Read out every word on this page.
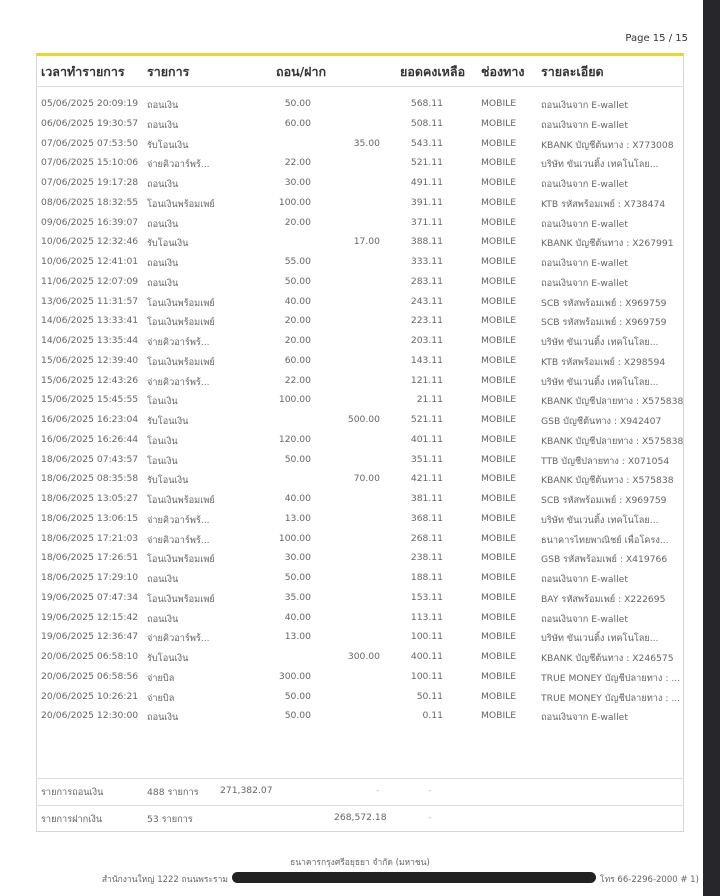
Page 15 / 15
เวลาทำรายการ รายการ	ถอน/ฝาก	ยอดคงเหลือ ช่องทาง รายละเอียด
05/06/2025 20:09:19 ถอนเงิน	50.00	568.11	MOBILE	ถอนเงินจาก E-wallet
06/06/2025 19:30:57 ถอนเงิน	60.00	508.11	MOBILE	ถอนเงินจาก E-wallet
07/06/2025 07:53:50 รับโอนเงิน	35.00	543.11	MOBILE	KBANK บัญชีต้นทาง : X773008
07/06/2025 15:10:06 จ่ายคิวอาร์พร้...	22.00	521.11	MOBILE	บริษัท ขันเวนติ้ง เทคโนโลย...
07/06/2025 19:17:28 ถอนเงิน	30.00	491.11	MOBILE	ถอนเงินจาก E-wallet
08/06/2025 18:32:55 โอนเงินพร้อมเพย์	100.00	391.11	MOBILE	KTB รหัสพร้อมเพย์ : X738474
09/06/2025 16:39:07 ถอนเงิน	20.00	371.11	MOBILE	ถอนเงินจาก E-wallet
10/06/2025 12:32:46 รับโอนเงิน	17.00	388.11	MOBILE	KBANK บัญชีต้นทาง : X267991
10/06/2025 12:41:01 ถอนเงิน	55.00	333.11	MOBILE	ถอนเงินจาก E-wallet
11/06/2025 12:07:09 ถอนเงิน	50.00	283.11	MOBILE	ถอนเงินจาก E-wallet
13/06/2025 11:31:57 โอนเงินพร้อมเพย์	40.00	243.11	MOBILE	SCB รหัสพร้อมเพย์ : X969759
14/06/2025 13:33:41 โอนเงินพร้อมเพย์	20.00	223.11	MOBILE	SCB รหัสพร้อมเพย์ : X969759
14/06/2025 13:35:44 จ่ายคิวอาร์พร้...	20.00	203.11	MOBILE	บริษัท ขันเวนติ้ง เทคโนโลย...
15/06/2025 12:39:40 โอนเงินพร้อมเพย์	60.00	143.11	MOBILE	KTB รหัสพร้อมเพย์ : X298594
15/06/2025 12:43:26 จ่ายคิวอาร์พร้...	22.00	121.11	MOBILE	บริษัท ขันเวนติ้ง เทคโนโลย...
15/06/2025 15:45:55 โอนเงิน	100.00	21.11	MOBILE	KBANK บัญชีปลายทาง : X575838
16/06/2025 16:23:04 รับโอนเงิน	500.00	521.11	MOBILE	GSB บัญชีต้นทาง : X942407
16/06/2025 16:26:44 โอนเงิน	120.00	401.11	MOBILE	KBANK บัญชีปลายทาง : X575838
18/06/2025 07:43:57 โอนเงิน	50.00	351.11	MOBILE	TTB บัญชีปลายทาง : X071054
18/06/2025 08:35:58 รับโอนเงิน	70.00	421.11	MOBILE	KBANK บัญชีต้นทาง : X575838
18/06/2025 13:05:27 โอนเงินพร้อมเพย์	40.00	381.11	MOBILE	SCB รหัสพร้อมเพย์ : X969759
18/06/2025 13:06:15 จ่ายคิวอาร์พร้...	13.00	368.11	MOBILE	บริษัท ขันเวนติ้ง เทคโนโลย...
18/06/2025 17:21:03 จ่ายคิวอาร์พร้...	100.00	268.11	MOBILE	ธนาคารไทยพาณิชย์ เพื่อโครง...
18/06/2025 17:26:51 โอนเงินพร้อมเพย์	30.00	238.11	MOBILE	GSB รหัสพร้อมเพย์ : X419766
18/06/2025 17:29:10 ถอนเงิน	50.00	188.11	MOBILE	ถอนเงินจาก E-wallet
19/06/2025 07:47:34 โอนเงินพร้อมเพย์	35.00	153.11	MOBILE	BAY รหัสพร้อมเพย์ : X222695
19/06/2025 12:15:42 ถอนเงิน	40.00	113.11	MOBILE	ถอนเงินจาก E-wallet
19/06/2025 12:36:47 จ่ายคิวอาร์พร้...	13.00	100.11	MOBILE	บริษัท ขันเวนติ้ง เทคโนโลย...
20/06/2025 06:58:10 รับโอนเงิน	300.00	400.11	MOBILE	KBANK บัญชีต้นทาง : X246575
20/06/2025 06:58:56 จ่ายบิล	300.00	100.11	MOBILE	TRUE MONEY บัญชีปลายทาง : ...
20/06/2025 10:26:21 จ่ายบิล	50.00	50.11	MOBILE	TRUE MONEY บัญชีปลายทาง : ...
20/06/2025 12:30:00 ถอนเงิน	50.00	0.11	MOBILE	ถอนเงินจาก E-wallet
รายการถอนเงิน	488 รายการ 271,382.07	-	-
รายการฝากเงิน	53 รายการ	268,572.18	-
ธนาคารกรุงศรีอยุธยา จำกัด (มหาชน)
สำนักงานใหญ่ 1222 ถนนพระราม	โทร 66-2296-2000 # 1)
